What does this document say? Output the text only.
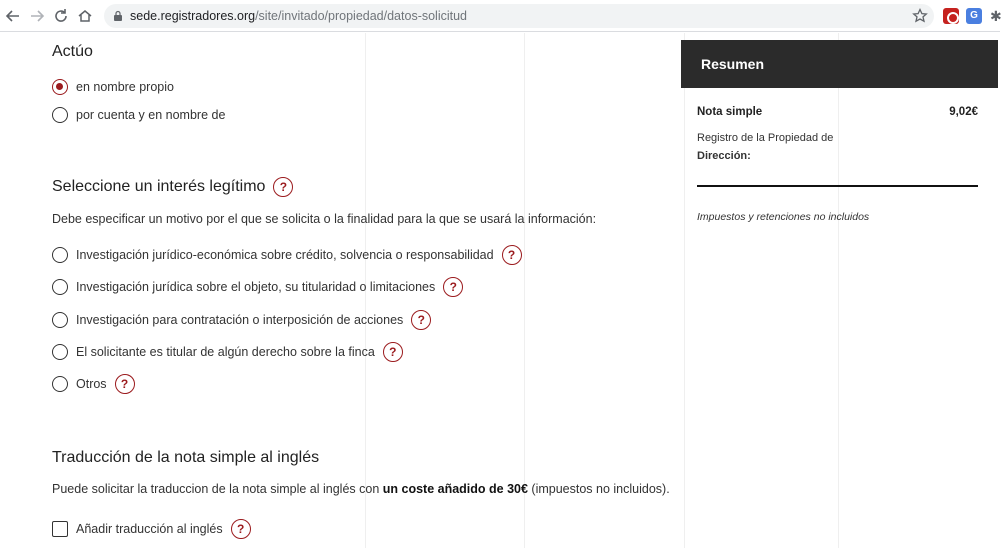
sede.registradores.org /site/invitado/propiedad/datos-solicitud	G ✱
Actúo
en nombre propio
por cuenta y en nombre de
Seleccione un interés legítimo	?
Debe especificar un motivo por el que se solicita o la finalidad para la que se usará la información:
Investigación jurídico-económica sobre crédito, solvencia o responsabilidad	?
Investigación jurídica sobre el objeto, su titularidad o limitaciones	?
Investigación para contratación o interposición de acciones	?
El solicitante es titular de algún derecho sobre la finca	?
Otros	?
Traducción de la nota simple al inglés
Puede solicitar la traduccion de la nota simple al inglés con un coste añadido de 30€ (impuestos no incluidos).
Añadir traducción al inglés	?
Resumen
Nota simple	9,02€
Registro de la Propiedad de
Dirección:
Impuestos y retenciones no incluidos
